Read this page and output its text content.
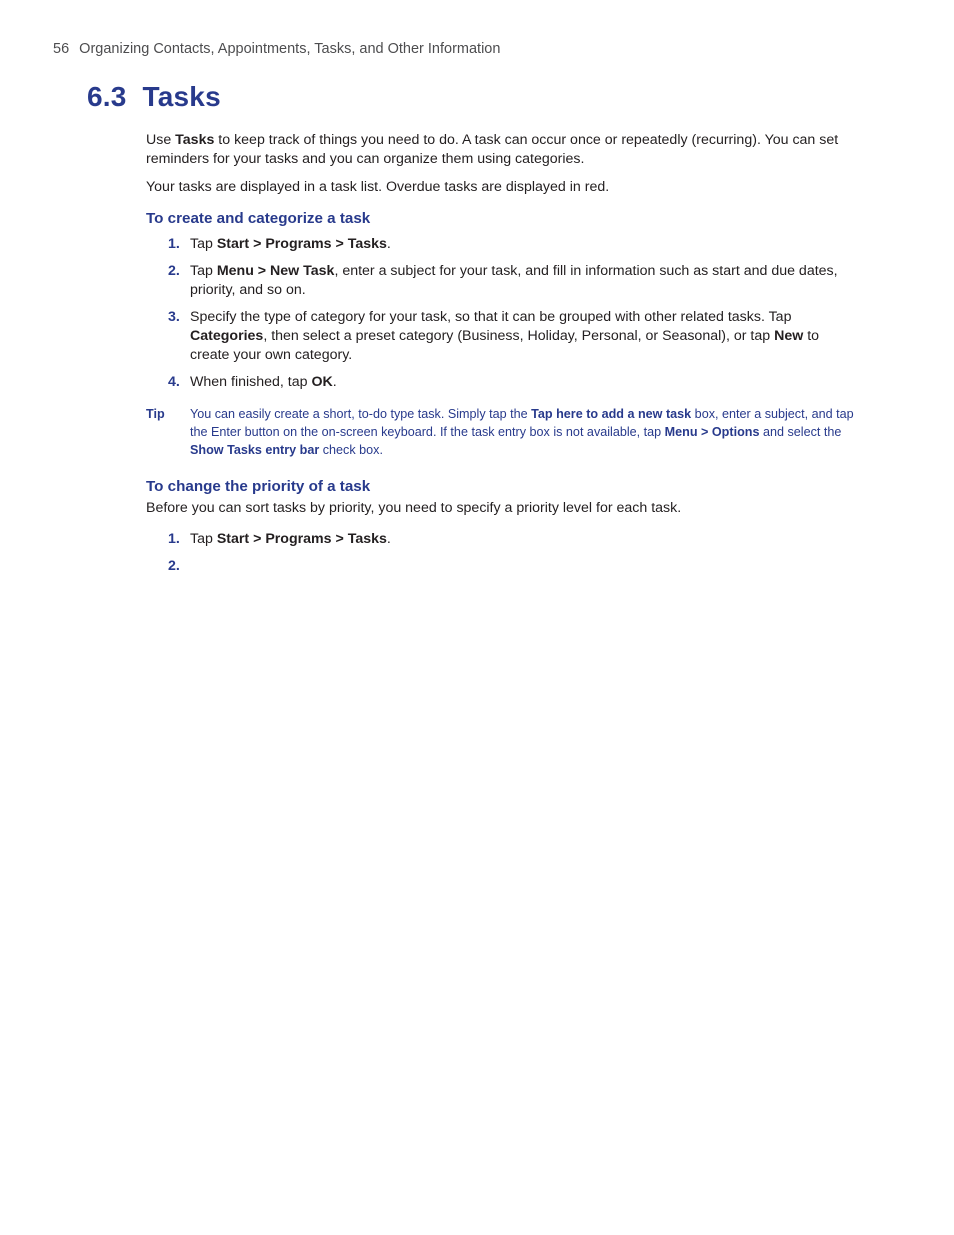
56 Organizing Contacts, Appointments, Tasks, and Other Information
6.3 Tasks

Use Tasks to keep track of things you need to do. A task can occur once or repeatedly (recurring). You can set reminders for your tasks and you can organize them using categories.

Your tasks are displayed in a task list. Overdue tasks are displayed in red.

To create and categorize a task
1. Tap Start > Programs > Tasks.
2. Tap Menu > New Task, enter a subject for your task, and fill in information such as start and due dates, priority, and so on.
3. Specify the type of category for your task, so that it can be grouped with other related tasks. Tap Categories, then select a preset category (Business, Holiday, Personal, or Seasonal), or tap New to create your own category.
4. When finished, tap OK.
Tip You can easily create a short, to-do type task. Simply tap the Tap here to add a new task box, enter a subject, and tap the Enter button on the on-screen keyboard. If the task entry box is not available, tap Menu > Options and select the Show Tasks entry bar check box.
To change the priority of a task

Before you can sort tasks by priority, you need to specify a priority level for each task.

1. Tap Start > Programs > Tasks.
2.
